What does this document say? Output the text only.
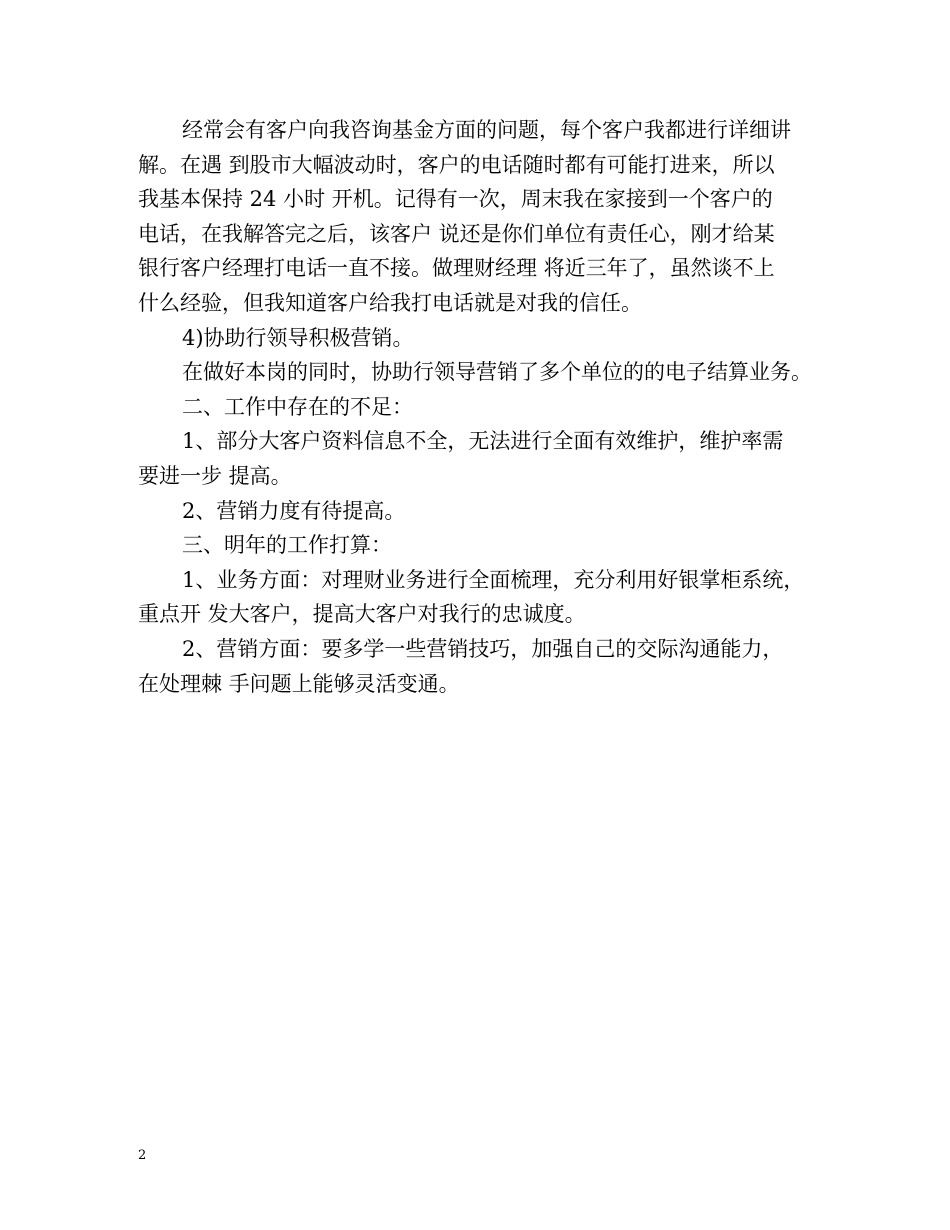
经常会有客户向我咨询基金方面的问题，每个客户我都进行详细讲
解。在遇 到股市大幅波动时，客户的电话随时都有可能打进来，所以
我基本保持 24 小时 开机。记得有一次，周末我在家接到一个客户的
电话，在我解答完之后，该客户 说还是你们单位有责任心，刚才给某
银行客户经理打电话一直不接。做理财经理 将近三年了，虽然谈不上
什么经验，但我知道客户给我打电话就是对我的信任。

4)协助行领导积极营销。

在做好本岗的同时，协助行领导营销了多个单位的的电子结算业务。

二、工作中存在的不足：

1、部分大客户资料信息不全，无法进行全面有效维护，维护率需
要进一步 提高。

2、营销力度有待提高。

三、明年的工作打算：

1、业务方面：对理财业务进行全面梳理，充分利用好银掌柜系统，
重点开 发大客户，提高大客户对我行的忠诚度。

2、营销方面：要多学一些营销技巧，加强自己的交际沟通能力，
在处理棘 手问题上能够灵活变通。

2
